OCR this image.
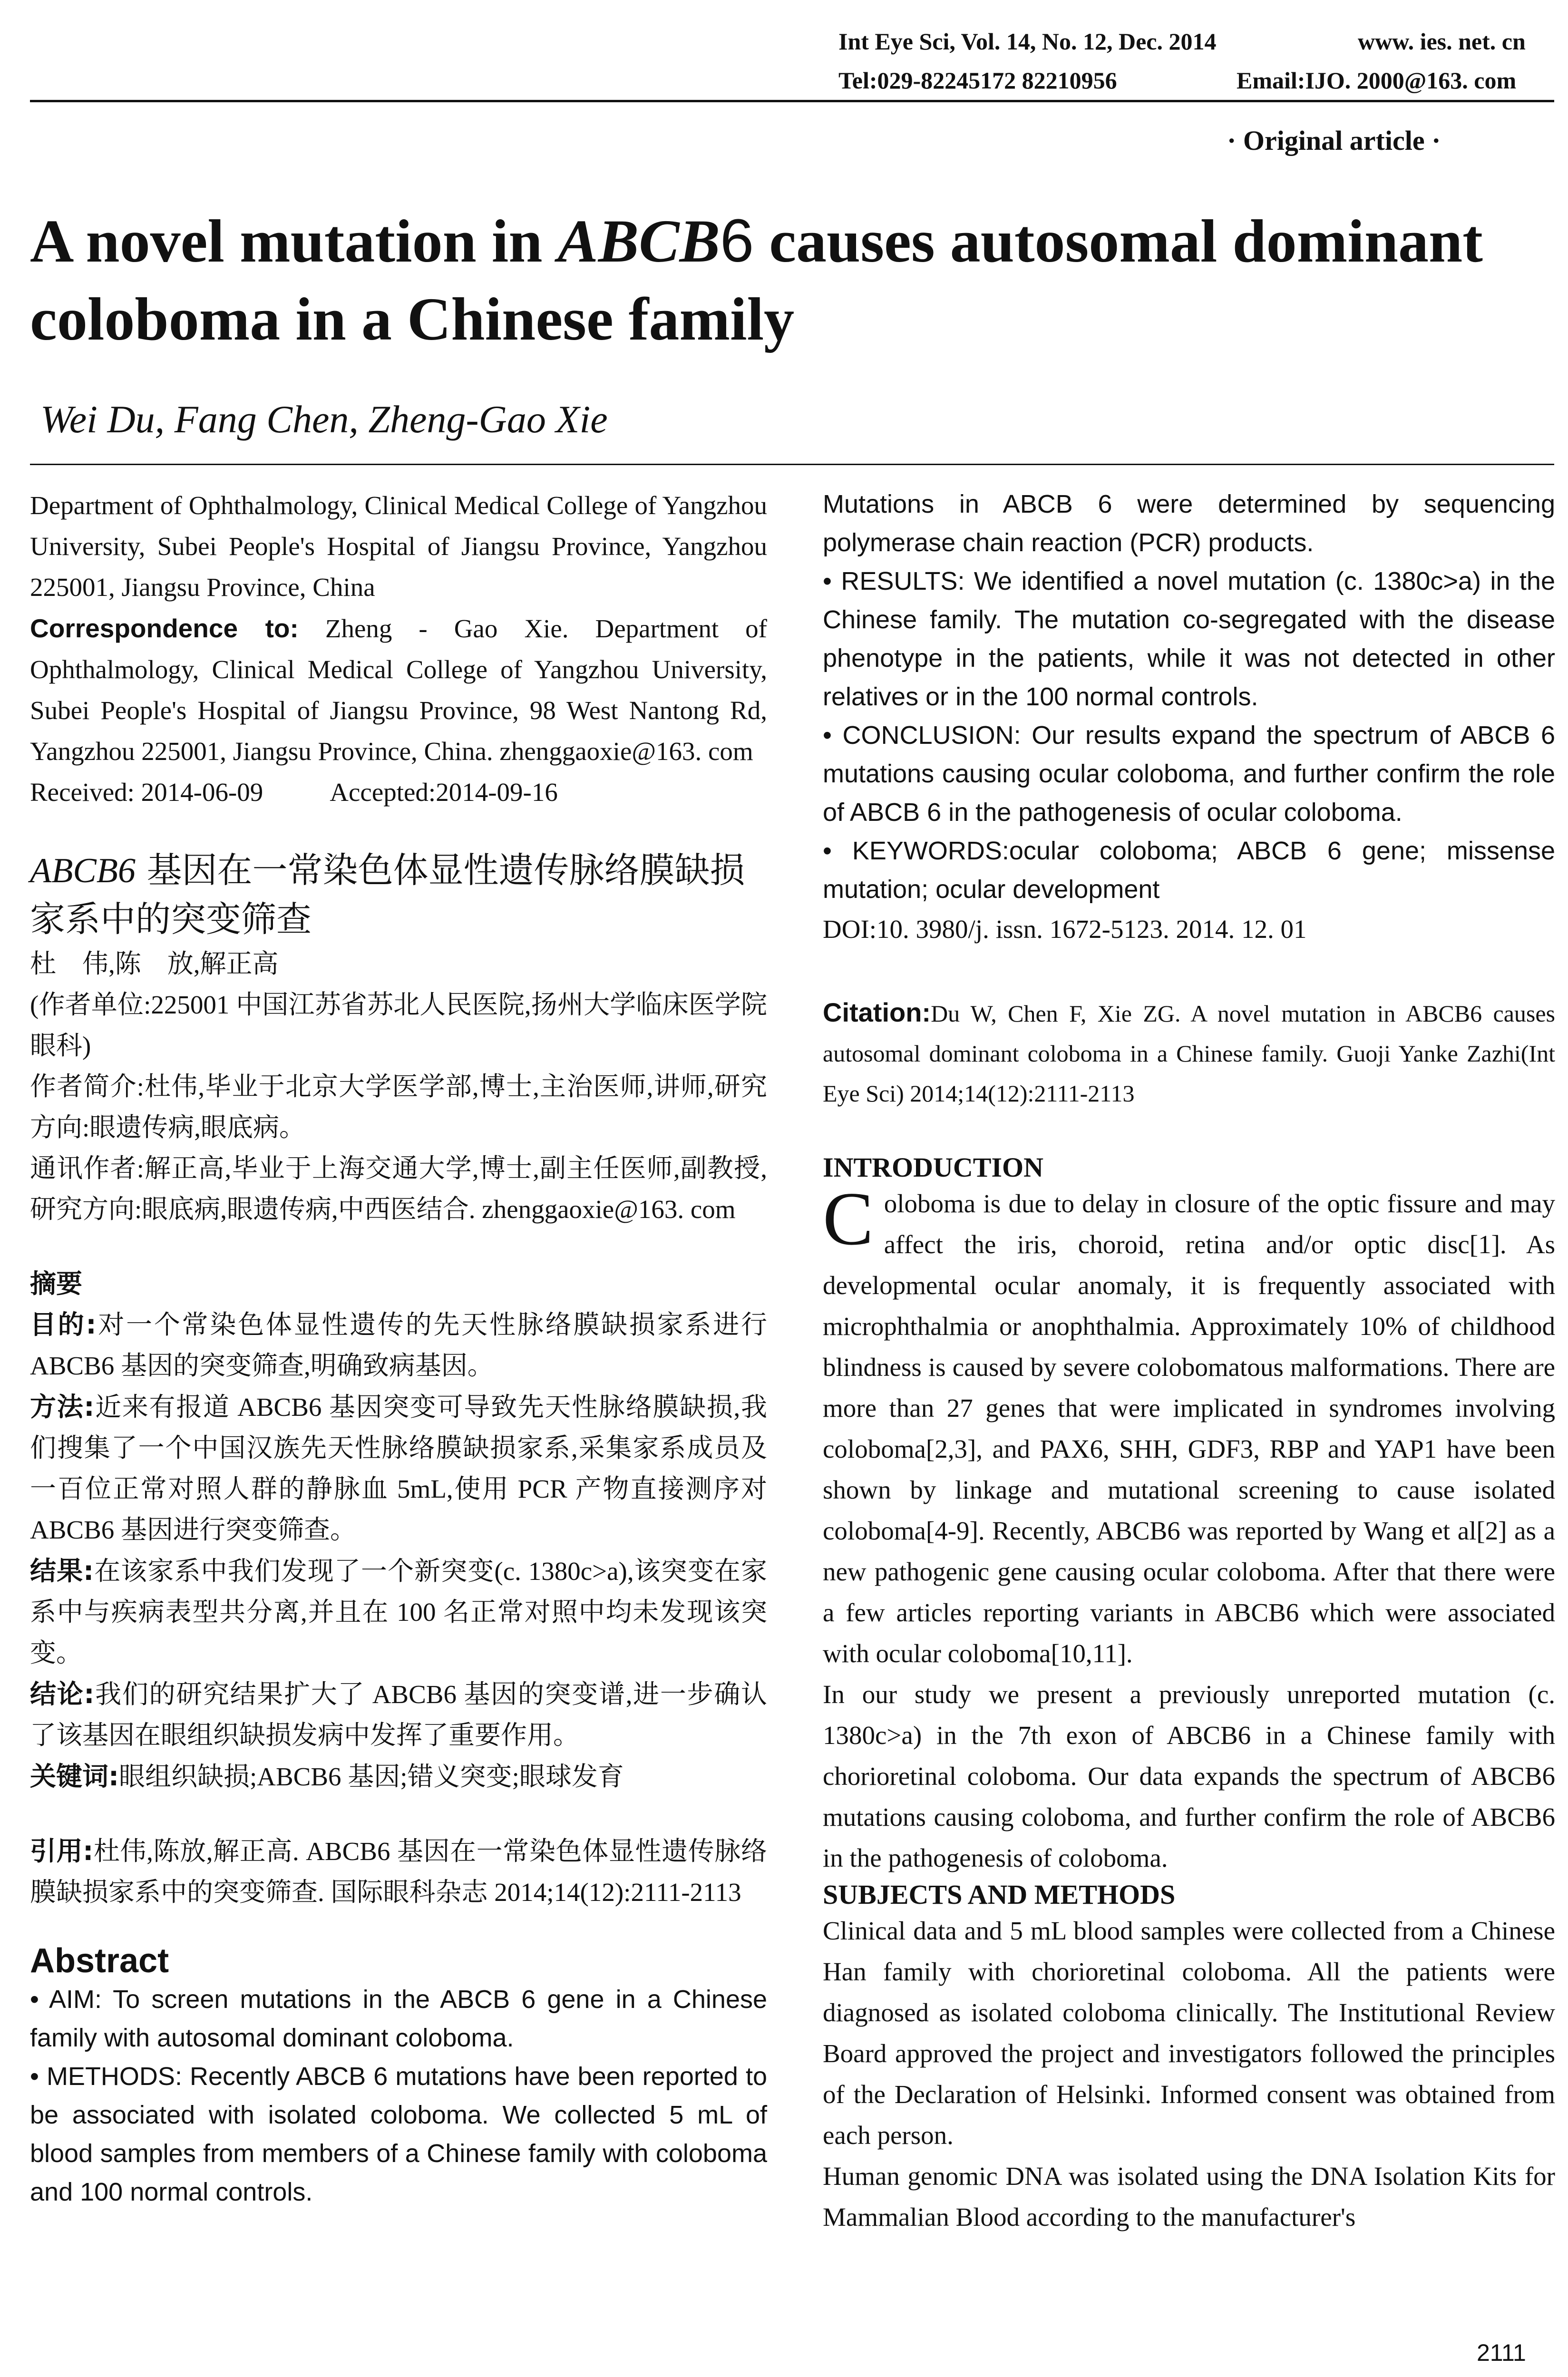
Int Eye Sci, Vol. 14, No. 12, Dec. 2014	www. ies. net. cn
Tel:029-82245172 82210956	Email:IJO. 2000@163. com
· Original article ·
A novel mutation in ABCB6 causes autosomal dominant
coloboma in a Chinese family
Wei Du, Fang Chen, Zheng-Gao Xie

Department of Ophthalmology, Clinical Medical College of Yangzhou University, Subei People's Hospital of Jiangsu Province, Yangzhou 225001, Jiangsu Province, China

Correspondence to: Zheng - Gao Xie. Department of Ophthalmology, Clinical Medical College of Yangzhou University, Subei People's Hospital of Jiangsu Province, 98 West Nantong Rd, Yangzhou 225001, Jiangsu Province, China. zhenggaoxie@163. com

Received: 2014-06-09	Accepted:2014-09-16

ABCB6 基因在一常染色体显性遗传脉络膜缺损家系中的突变筛查

杜　伟,陈　放,解正高

(作者单位:225001 中国江苏省苏北人民医院,扬州大学临床医学院眼科)

作者简介:杜伟,毕业于北京大学医学部,博士,主治医师,讲师,研究方向:眼遗传病,眼底病。

通讯作者:解正高,毕业于上海交通大学,博士,副主任医师,副教授,研究方向:眼底病,眼遗传病,中西医结合. zhenggaoxie@163. com

摘要

目的:对一个常染色体显性遗传的先天性脉络膜缺损家系进行 ABCB6 基因的突变筛查,明确致病基因。

方法:近来有报道 ABCB6 基因突变可导致先天性脉络膜缺损,我们搜集了一个中国汉族先天性脉络膜缺损家系,采集家系成员及一百位正常对照人群的静脉血 5mL,使用 PCR 产物直接测序对 ABCB6 基因进行突变筛查。

结果:在该家系中我们发现了一个新突变(c. 1380c>a),该突变在家系中与疾病表型共分离,并且在 100 名正常对照中均未发现该突变。

结论:我们的研究结果扩大了 ABCB6 基因的突变谱,进一步确认了该基因在眼组织缺损发病中发挥了重要作用。

关键词:眼组织缺损;ABCB6 基因;错义突变;眼球发育

引用:杜伟,陈放,解正高. ABCB6 基因在一常染色体显性遗传脉络膜缺损家系中的突变筛查. 国际眼科杂志 2014;14(12):2111-2113

Abstract

• AIM: To screen mutations in the ABCB 6 gene in a Chinese family with autosomal dominant coloboma.

• METHODS: Recently ABCB 6 mutations have been reported to be associated with isolated coloboma. We collected 5 mL of blood samples from members of a Chinese family with coloboma and 100 normal controls.

Mutations in ABCB 6 were determined by sequencing polymerase chain reaction (PCR) products.

• RESULTS: We identified a novel mutation (c. 1380c>a) in the Chinese family. The mutation co-segregated with the disease phenotype in the patients, while it was not detected in other relatives or in the 100 normal controls.

• CONCLUSION: Our results expand the spectrum of ABCB 6 mutations causing ocular coloboma, and further confirm the role of ABCB 6 in the pathogenesis of ocular coloboma.

• KEYWORDS:ocular coloboma; ABCB 6 gene; missense mutation; ocular development

DOI:10. 3980/j. issn. 1672-5123. 2014. 12. 01

Citation:Du W, Chen F, Xie ZG. A novel mutation in ABCB6 causes autosomal dominant coloboma in a Chinese family. Guoji Yanke Zazhi(Int Eye Sci) 2014;14(12):2111-2113

INTRODUCTION

Coloboma is due to delay in closure of the optic fissure and may affect the iris, choroid, retina and/or optic disc[1]. As developmental ocular anomaly, it is frequently associated with microphthalmia or anophthalmia. Approximately 10% of childhood blindness is caused by severe colobomatous malformations. There are more than 27 genes that were implicated in syndromes involving coloboma[2,3], and PAX6, SHH, GDF3, RBP and YAP1 have been shown by linkage and mutational screening to cause isolated coloboma[4-9]. Recently, ABCB6 was reported by Wang et al[2] as a new pathogenic gene causing ocular coloboma. After that there were a few articles reporting variants in ABCB6 which were associated with ocular coloboma[10,11].

In our study we present a previously unreported mutation (c. 1380c>a) in the 7th exon of ABCB6 in a Chinese family with chorioretinal coloboma. Our data expands the spectrum of ABCB6 mutations causing coloboma, and further confirm the role of ABCB6 in the pathogenesis of coloboma.

SUBJECTS AND METHODS

Clinical data and 5 mL blood samples were collected from a Chinese Han family with chorioretinal coloboma. All the patients were diagnosed as isolated coloboma clinically. The Institutional Review Board approved the project and investigators followed the principles of the Declaration of Helsinki. Informed consent was obtained from each person.

Human genomic DNA was isolated using the DNA Isolation Kits for Mammalian Blood according to the manufacturer's

2111
